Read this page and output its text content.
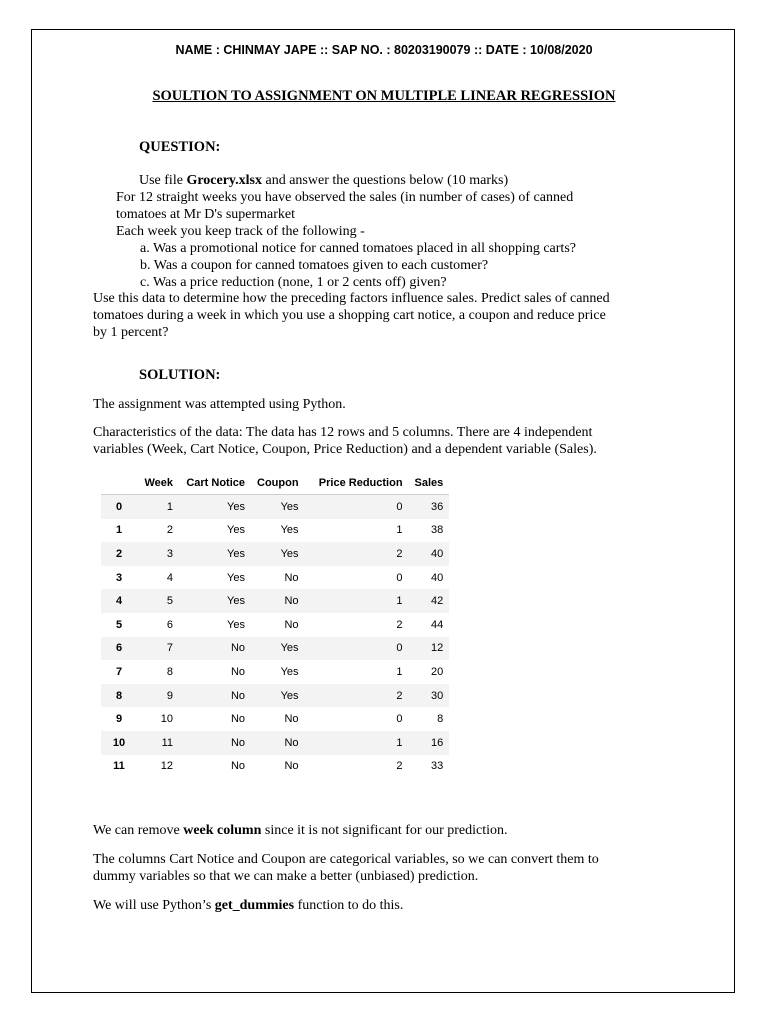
NAME : CHINMAY JAPE :: SAP NO. : 80203190079 :: DATE : 10/08/2020
SOULTION TO ASSIGNMENT ON MULTIPLE LINEAR REGRESSION
QUESTION:
Use file Grocery.xlsx and answer the questions below (10 marks)
For 12 straight weeks you have observed the sales (in number of cases) of canned
tomatoes at Mr D's supermarket
Each week you keep track of the following -
a. Was a promotional notice for canned tomatoes placed in all shopping carts?
b. Was a coupon for canned tomatoes given to each customer?
c. Was a price reduction (none, 1 or 2 cents off) given?
Use this data to determine how the preceding factors influence sales. Predict sales of canned
tomatoes during a week in which you use a shopping cart notice, a coupon and reduce price
by 1 percent?
SOLUTION:
The assignment was attempted using Python.
Characteristics of the data: The data has 12 rows and 5 columns. There are 4 independent
variables (Week, Cart Notice, Coupon, Price Reduction) and a dependent variable (Sales).
	Week	Cart Notice	Coupon	Price Reduction	Sales
0	1	Yes	Yes	0	36
1	2	Yes	Yes	1	38
2	3	Yes	Yes	2	40
3	4	Yes	No	0	40
4	5	Yes	No	1	42
5	6	Yes	No	2	44
6	7	No	Yes	0	12
7	8	No	Yes	1	20
8	9	No	Yes	2	30
9	10	No	No	0	8
10	11	No	No	1	16
11	12	No	No	2	33
We can remove week column since it is not significant for our prediction.
The columns Cart Notice and Coupon are categorical variables, so we can convert them to
dummy variables so that we can make a better (unbiased) prediction.
We will use Python’s get_dummies function to do this.
